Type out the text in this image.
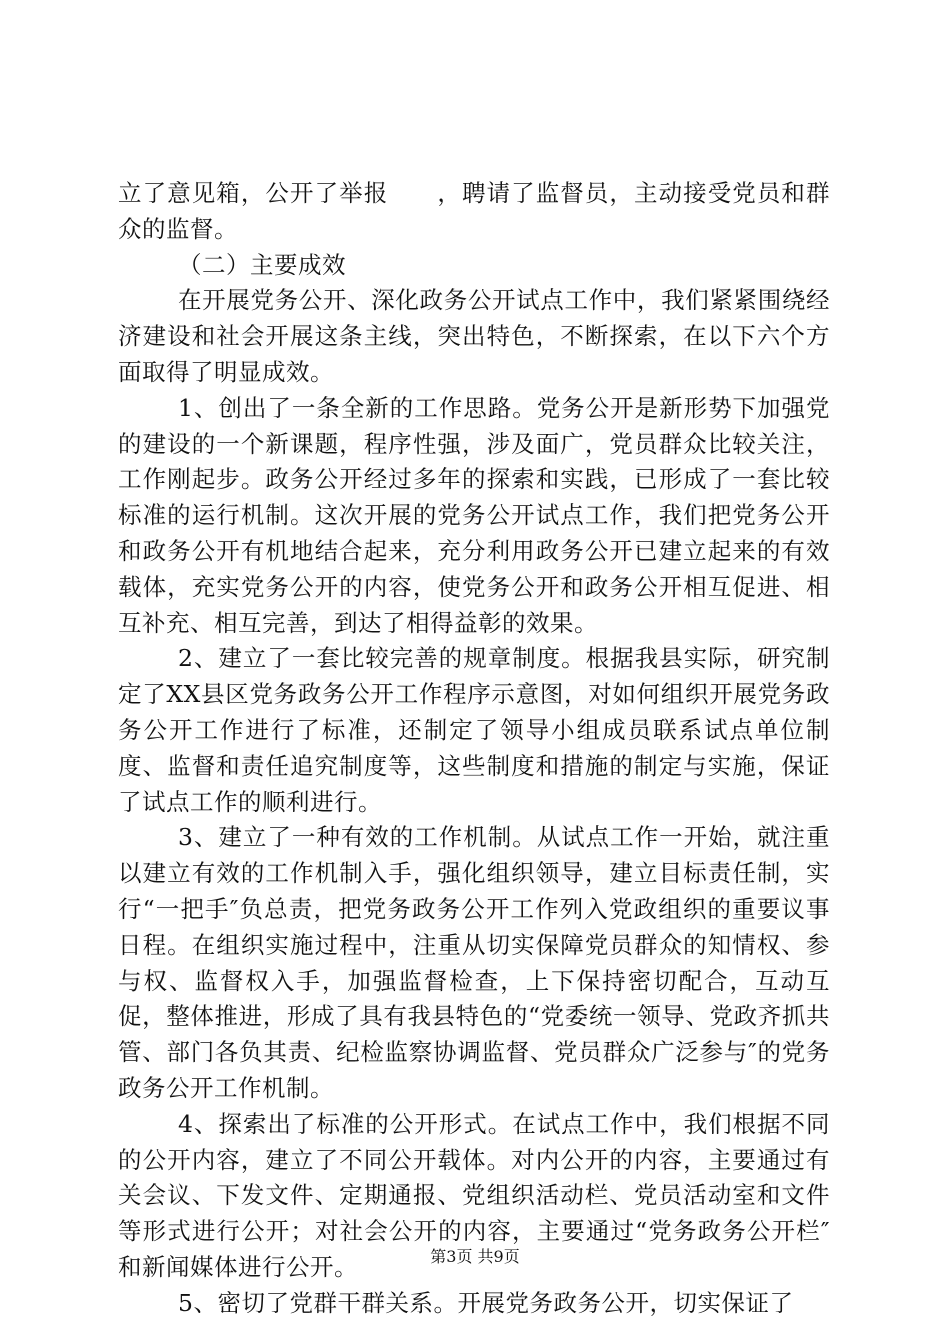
立了意见箱，公开了举报　　，聘请了监督员，主动接受党员和群众的监督。

（二）主要成效

在开展党务公开、深化政务公开试点工作中，我们紧紧围绕经济建设和社会开展这条主线，突出特色，不断探索，在以下六个方面取得了明显成效。

1、创出了一条全新的工作思路。党务公开是新形势下加强党的建设的一个新课题，程序性强，涉及面广，党员群众比较关注，工作刚起步。政务公开经过多年的探索和实践，已形成了一套比较标准的运行机制。这次开展的党务公开试点工作，我们把党务公开和政务公开有机地结合起来，充分利用政务公开已建立起来的有效载体，充实党务公开的内容，使党务公开和政务公开相互促进、相互补充、相互完善，到达了相得益彰的效果。

2、建立了一套比较完善的规章制度。根据我县实际，研究制定了XX县区党务政务公开工作程序示意图，对如何组织开展党务政务公开工作进行了标准，还制定了领导小组成员联系试点单位制度、监督和责任追究制度等，这些制度和措施的制定与实施，保证了试点工作的顺利进行。

3、建立了一种有效的工作机制。从试点工作一开始，就注重以建立有效的工作机制入手，强化组织领导，建立目标责任制，实行“一把手″负总责，把党务政务公开工作列入党政组织的重要议事日程。在组织实施过程中，注重从切实保障党员群众的知情权、参与权、监督权入手，加强监督检查，上下保持密切配合，互动互促，整体推进，形成了具有我县特色的“党委统一领导、党政齐抓共管、部门各负其责、纪检监察协调监督、党员群众广泛参与″的党务政务公开工作机制。

4、探索出了标准的公开形式。在试点工作中，我们根据不同的公开内容，建立了不同公开载体。对内公开的内容，主要通过有关会议、下发文件、定期通报、党组织活动栏、党员活动室和文件等形式进行公开；对社会公开的内容，主要通过“党务政务公开栏″和新闻媒体进行公开。

5、密切了党群干群关系。开展党务政务公开，切实保证了

第3页 共9页
